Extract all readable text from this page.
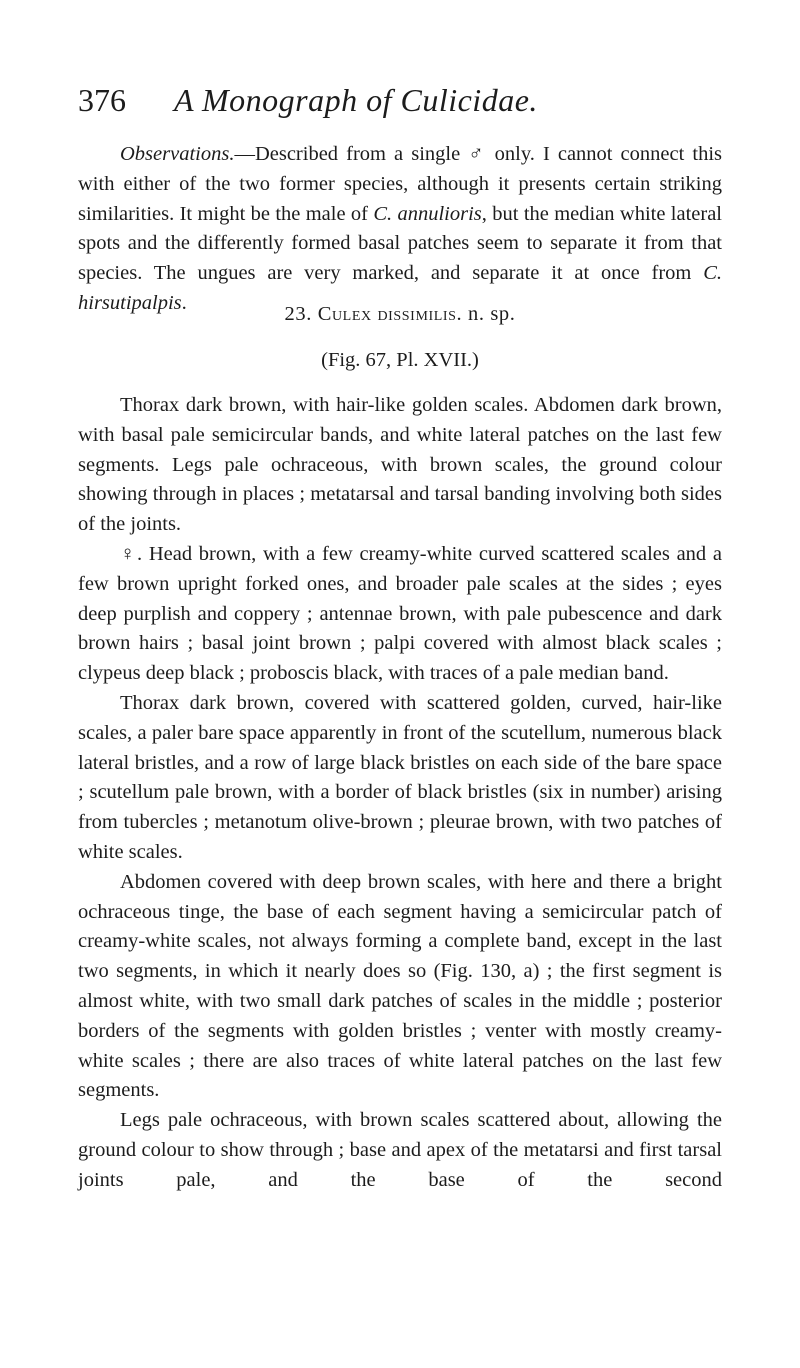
376 A Monograph of Culicidae.

Observations.—Described from a single ♂ only. I cannot connect this with either of the two former species, although it presents certain striking similarities. It might be the male of C. annulioris, but the median white lateral spots and the differently formed basal patches seem to separate it from that species. The ungues are very marked, and separate it at once from C. hirsutipalpis.

23. Culex dissimilis. n. sp.
(Fig. 67, Pl. XVII.)

Thorax dark brown, with hair-like golden scales. Abdomen dark brown, with basal pale semicircular bands, and white lateral patches on the last few segments. Legs pale ochraceous, with brown scales, the ground colour showing through in places ; metatarsal and tarsal banding involving both sides of the joints.

♀. Head brown, with a few creamy-white curved scattered scales and a few brown upright forked ones, and broader pale scales at the sides ; eyes deep purplish and coppery ; antennae brown, with pale pubescence and dark brown hairs ; basal joint brown ; palpi covered with almost black scales ; clypeus deep black ; proboscis black, with traces of a pale median band.

Thorax dark brown, covered with scattered golden, curved, hair-like scales, a paler bare space apparently in front of the scutellum, numerous black lateral bristles, and a row of large black bristles on each side of the bare space ; scutellum pale brown, with a border of black bristles (six in number) arising from tubercles ; metanotum olive-brown ; pleurae brown, with two patches of white scales.

Abdomen covered with deep brown scales, with here and there a bright ochraceous tinge, the base of each segment having a semicircular patch of creamy-white scales, not always forming a complete band, except in the last two segments, in which it nearly does so (Fig. 130, a) ; the first segment is almost white, with two small dark patches of scales in the middle ; posterior borders of the segments with golden bristles ; venter with mostly creamy-white scales ; there are also traces of white lateral patches on the last few segments.

Legs pale ochraceous, with brown scales scattered about, allowing the ground colour to show through ; base and apex of the metatarsi and first tarsal joints pale, and the base of the second
